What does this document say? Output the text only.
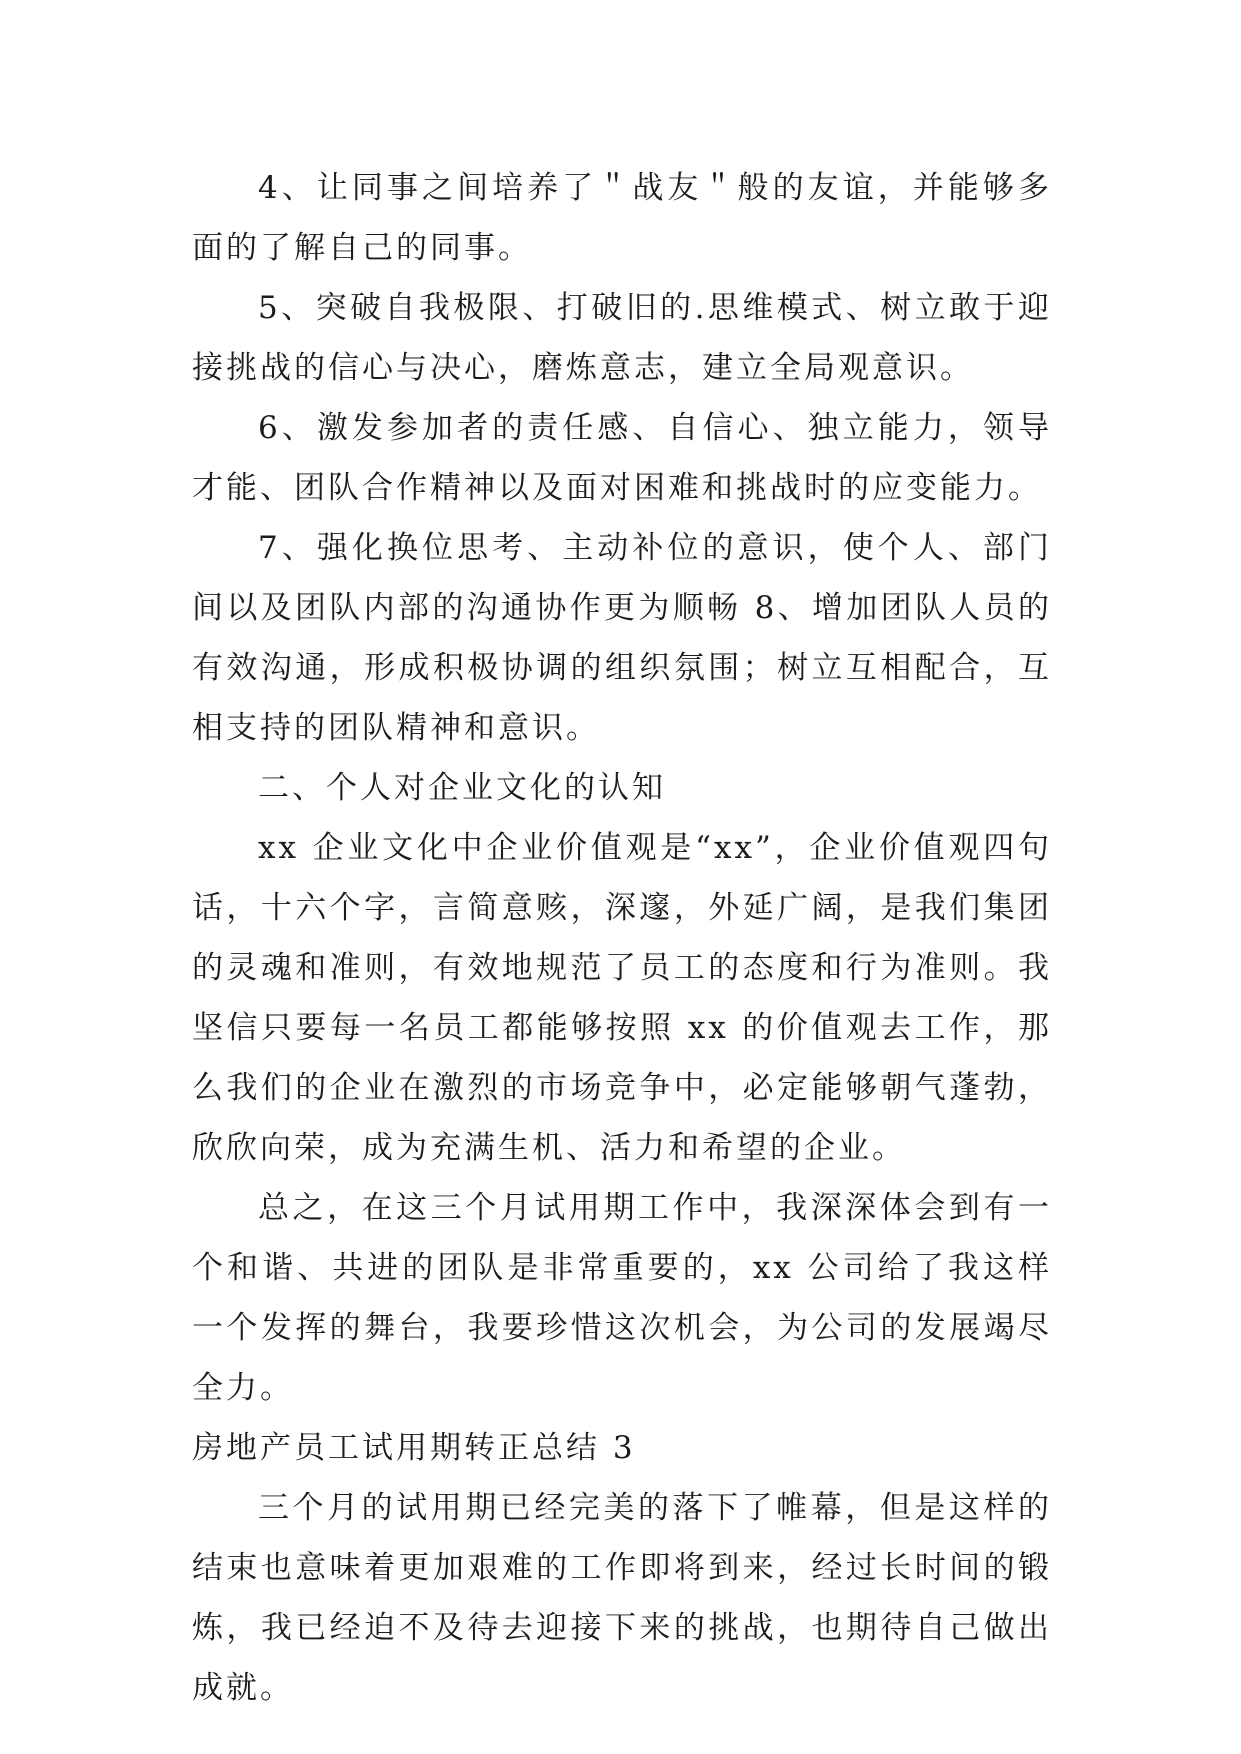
4、让同事之间培养了＂战友＂般的友谊，并能够多面的了解自己的同事。

5、突破自我极限、打破旧的.思维模式、树立敢于迎接挑战的信心与决心，磨炼意志，建立全局观意识。

6、激发参加者的责任感、自信心、独立能力，领导才能、团队合作精神以及面对困难和挑战时的应变能力。

7、强化换位思考、主动补位的意识，使个人、部门间以及团队内部的沟通协作更为顺畅 8、增加团队人员的有效沟通，形成积极协调的组织氛围；树立互相配合，互相支持的团队精神和意识。

二、个人对企业文化的认知

xx 企业文化中企业价值观是“xx”，企业价值观四句话，十六个字，言简意赅，深邃，外延广阔，是我们集团的灵魂和准则，有效地规范了员工的态度和行为准则。我坚信只要每一名员工都能够按照 xx 的价值观去工作，那么我们的企业在激烈的市场竞争中，必定能够朝气蓬勃，欣欣向荣，成为充满生机、活力和希望的企业。

总之，在这三个月试用期工作中，我深深体会到有一个和谐、共进的团队是非常重要的，xx 公司给了我这样一个发挥的舞台，我要珍惜这次机会，为公司的发展竭尽全力。

房地产员工试用期转正总结 3

三个月的试用期已经完美的落下了帷幕，但是这样的结束也意味着更加艰难的工作即将到来，经过长时间的锻炼，我已经迫不及待去迎接下来的挑战，也期待自己做出成就。
